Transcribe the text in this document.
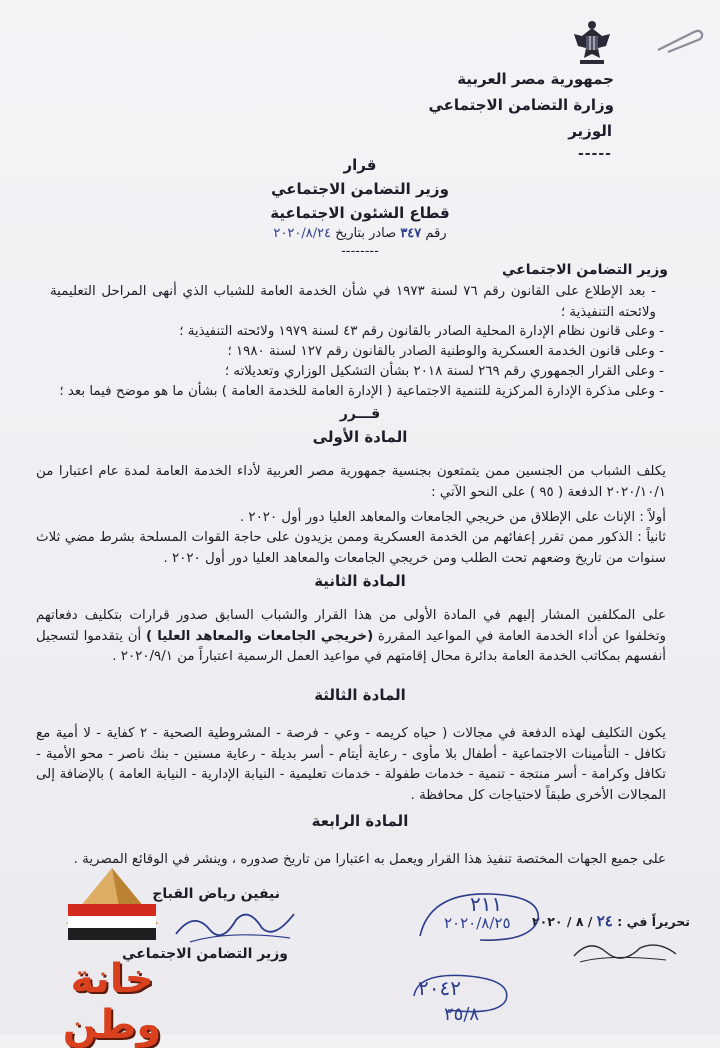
جمهورية مصر العربية
وزارة التضامن الاجتماعي
الوزير
-----
قرار
وزير التضامن الاجتماعي
قطاع الشئون الاجتماعية
رقم ٣٤٧ صادر بتاريخ ٢٠٢٠/٨/٢٤
--------
وزير التضامن الاجتماعي
- بعد الإطلاع على القانون رقم ٧٦ لسنة ١٩٧٣ في شأن الخدمة العامة للشباب الذي أنهى المراحل التعليمية ولائحته التنفيذية ؛
- وعلى قانون نظام الإدارة المحلية الصادر بالقانون رقم ٤٣ لسنة ١٩٧٩ ولائحته التنفيذية ؛
- وعلى قانون الخدمة العسكرية والوطنية الصادر بالقانون رقم ١٢٧ لسنة ١٩٨٠ ؛
- وعلى القرار الجمهوري رقم ٢٦٩ لسنة ٢٠١٨ بشأن التشكيل الوزاري وتعديلاته ؛
- وعلى مذكرة الإدارة المركزية للتنمية الاجتماعية ( الإدارة العامة للخدمة العامة ) بشأن ما هو موضح فيما بعد ؛
قـــرر
المادة الأولى
يكلف الشباب من الجنسين ممن يتمتعون بجنسية جمهورية مصر العربية لأداء الخدمة العامة لمدة عام اعتبارا من ٢٠٢٠/١٠/١ الدفعة ( ٩٥ ) على النحو الآتي :
أولاً : الإناث على الإطلاق من خريجي الجامعات والمعاهد العليا دور أول ٢٠٢٠ .
ثانياً : الذكور ممن تقرر إعفائهم من الخدمة العسكرية وممن يزيدون على حاجة القوات المسلحة بشرط مضي ثلاث سنوات من تاريخ وضعهم تحت الطلب ومن خريجي الجامعات والمعاهد العليا دور أول ٢٠٢٠ .
المادة الثانية
على المكلفين المشار إليهم في المادة الأولى من هذا القرار والشباب السابق صدور قرارات بتكليف دفعاتهم وتخلفوا عن أداء الخدمة العامة في المواعيد المقررة (خريجي الجامعات والمعاهد العليا ) أن يتقدموا لتسجيل أنفسهم بمكاتب الخدمة العامة بدائرة محال إقامتهم في مواعيد العمل الرسمية اعتباراً من ٢٠٢٠/٩/١ .
المادة الثالثة
يكون التكليف لهذه الدفعة في مجالات ( حياه كريمه - وعي - فرصة - المشروطية الصحية - ٢ كفاية - لا أمية مع تكافل - التأمينات الاجتماعية - أطفال بلا مأوى - رعاية أيتام - أسر بديلة - رعاية مسنين - بنك ناصر - محو الأمية - تكافل وكرامة - أسر منتجة - تنمية - خدمات طفولة - خدمات تعليمية - النيابة الإدارية - النيابة العامة ) بالإضافة إلى المجالات الأخرى طبقاً لاحتياجات كل محافظة .
المادة الرابعة
على جميع الجهات المختصة تنفيذ هذا القرار ويعمل به اعتبارا من تاريخ صدوره ، وينشر في الوقائع المصرية .
تحريراً في : ٢٤ / ٨ / ٢٠٢٠
٢١١
٢٠٢٠/٨/٢٥
٢٠٤٢
٢٥/٨
نيفين رياض القباج
وزير التضامن الاجتماعي
خانة وطن
